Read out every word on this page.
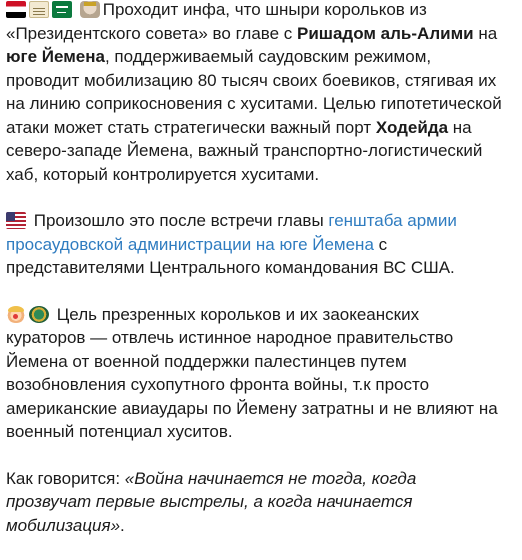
Проходит инфа, что шныри корольков из «Президентского совета» во главе с Ришадом аль-Алими на юге Йемена, поддерживаемый саудовским режимом, проводит мобилизацию 80 тысяч своих боевиков, стягивая их на линию соприкосновения с хуситами. Целью гипотетической атаки может стать стратегически важный порт Ходейда на северо-западе Йемена, важный транспортно-логистический хаб, который контролируется хуситами.

Произошло это после встречи главы генштаба армии просаудовской администрации на юге Йемена с представителями Центрального командования ВС США.

Цель презренных корольков и их заокеанских кураторов — отвлечь истинное народное правительство Йемена от военной поддержки палестинцев путем возобновления сухопутного фронта войны, т.к просто американские авиаудары по Йемену затратны и не влияют на военный потенциал хуситов.

Как говорится: «Война начинается не тогда, когда прозвучат первые выстрелы, а когда начинается мобилизация».
